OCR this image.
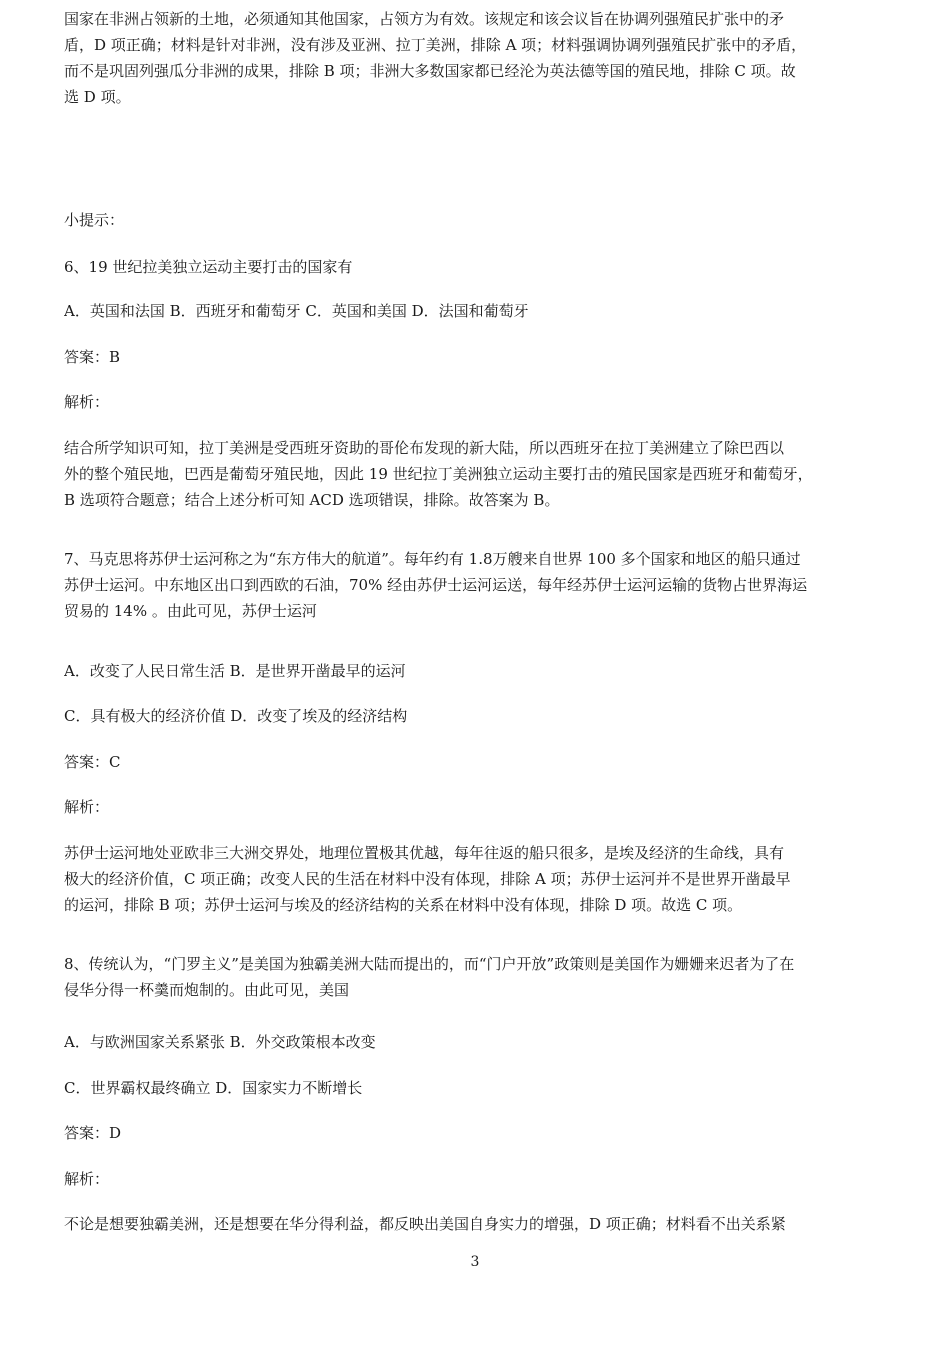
国家在非洲占领新的土地，必须通知其他国家，占领方为有效。该规定和该会议旨在协调列强殖民扩张中的矛
盾，D 项正确；材料是针对非洲，没有涉及亚洲、拉丁美洲，排除 A 项；材料强调协调列强殖民扩张中的矛盾，
而不是巩固列强瓜分非洲的成果，排除 B 项；非洲大多数国家都已经沦为英法德等国的殖民地，排除 C 项。故
选 D 项。
小提示：
6、19 世纪拉美独立运动主要打击的国家有
A．英国和法国 B．西班牙和葡萄牙 C．英国和美国 D．法国和葡萄牙
答案：B
解析：
结合所学知识可知，拉丁美洲是受西班牙资助的哥伦布发现的新大陆，所以西班牙在拉丁美洲建立了除巴西以
外的整个殖民地，巴西是葡萄牙殖民地，因此 19 世纪拉丁美洲独立运动主要打击的殖民国家是西班牙和葡萄牙，
B 选项符合题意；结合上述分析可知 ACD 选项错误，排除。故答案为 B。
7、马克思将苏伊士运河称之为“东方伟大的航道”。每年约有 1.8万艘来自世界 100 多个国家和地区的船只通过
苏伊士运河。中东地区出口到西欧的石油，70% 经由苏伊士运河运送，每年经苏伊士运河运输的货物占世界海运
贸易的 14% 。由此可见，苏伊士运河
A．改变了人民日常生活 B．是世界开凿最早的运河
C．具有极大的经济价值 D．改变了埃及的经济结构
答案：C
解析：
苏伊士运河地处亚欧非三大洲交界处，地理位置极其优越，每年往返的船只很多，是埃及经济的生命线，具有
极大的经济价值，C 项正确；改变人民的生活在材料中没有体现，排除 A 项；苏伊士运河并不是世界开凿最早
的运河，排除 B 项；苏伊士运河与埃及的经济结构的关系在材料中没有体现，排除 D 项。故选 C 项。
8、传统认为，“门罗主义”是美国为独霸美洲大陆而提出的，而“门户开放”政策则是美国作为姗姗来迟者为了在
侵华分得一杯羹而炮制的。由此可见，美国
A．与欧洲国家关系紧张 B．外交政策根本改变
C．世界霸权最终确立 D．国家实力不断增长
答案：D
解析：
不论是想要独霸美洲，还是想要在华分得利益，都反映出美国自身实力的增强，D 项正确；材料看不出关系紧
3
